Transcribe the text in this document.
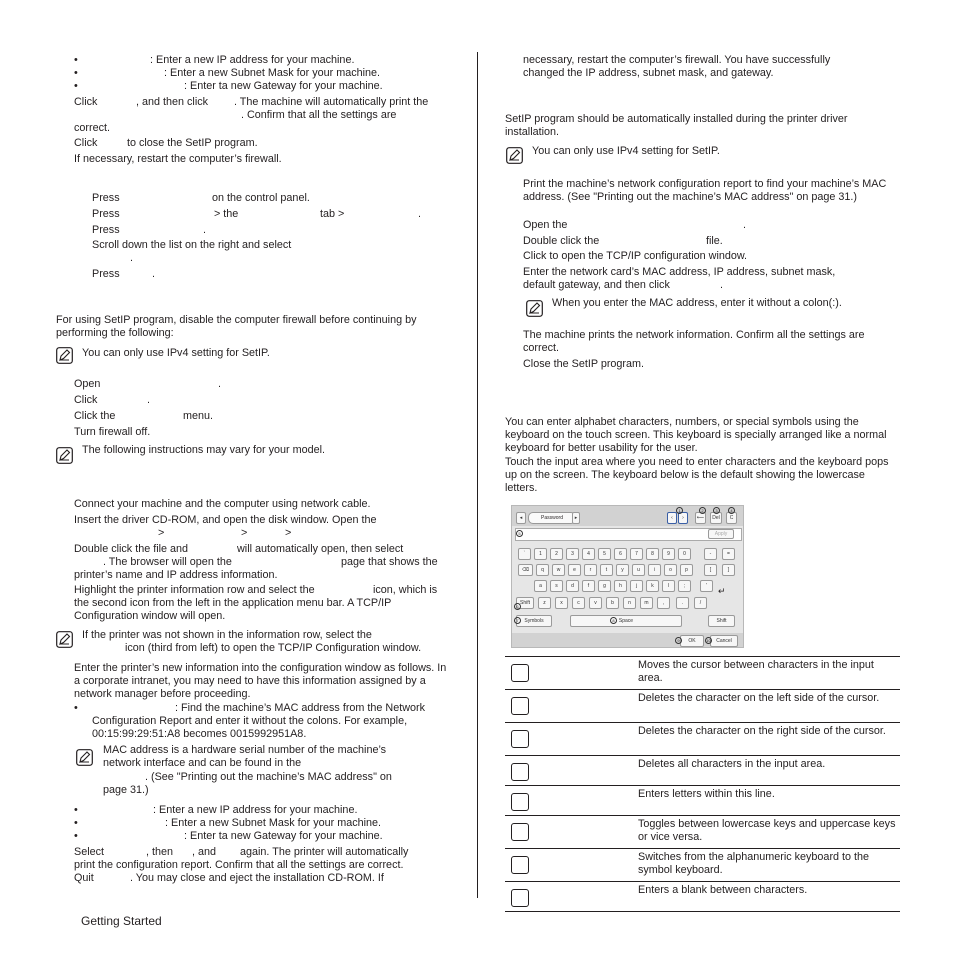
•	: Enter a new IP address for your machine.
•	: Enter a new Subnet Mask for your machine.
•	: Enter ta new Gateway for your machine.
Click	, and then click . The machine will automatically print the
. Confirm that all the settings are
correct.
Click	to close the SetIP program.
If necessary, restart the computer’s firewall.
Press	on the control panel.
Press	> the	tab >	.
Press	.
Scroll down the list on the right and select
.
Press	.
For using SetIP program, disable the computer firewall before continuing by performing the following:
You can only use IPv4 setting for SetIP.
Open	.
Click	.
Click the	menu.
Turn firewall off.
The following instructions may vary for your model.
Connect your machine and the computer using network cable.
Insert the driver CD-ROM, and open the disk window. Open the
>	>	>
Double click the file and	will automatically open, then select
. The browser will open the	page that shows the
printer’s name and IP address information.
Highlight the printer information row and select the	icon, which is
the second icon from the left in the application menu bar. A TCP/IP
Configuration window will open.
If the printer was not shown in the information row, select the
icon (third from left) to open the TCP/IP Configuration window.
Enter the printer’s new information into the configuration window as follows. In a corporate intranet, you may need to have this information assigned by a network manager before proceeding.
•	: Find the machine’s MAC address from the Network
Configuration Report and enter it without the colons. For example,
00:15:99:29:51:A8 becomes 0015992951A8.
MAC address is a hardware serial number of the machine’s
network interface and can be found in the
. (See "Printing out the machine’s MAC address" on
page 31.)
•	: Enter a new IP address for your machine.
•	: Enter a new Subnet Mask for your machine.
•	: Enter ta new Gateway for your machine.
Select	, then , and again. The printer will automatically
print the configuration report. Confirm that all the settings are correct.
Quit	. You may close and eject the installation CD-ROM. If
necessary, restart the computer’s firewall. You have successfully
changed the IP address, subnet mask, and gateway.
SetIP program should be automatically installed during the printer driver installation.
You can only use IPv4 setting for SetIP.
Print the machine’s network configuration report to find your machine’s MAC address. (See "Printing out the machine’s MAC address" on page 31.)
Open the	.
Double click the	file.
Click to open the TCP/IP configuration window.
Enter the network card’s MAC address, IP address, subnet mask,
default gateway, and then click	.
When you enter the MAC address, enter it without a colon(:).
The machine prints the network information. Confirm all the settings are correct.
Close the SetIP program.
You can enter alphabet characters, numbers, or special symbols using the keyboard on the touch screen. This keyboard is specially arranged like a normal keyboard for better usability for the user.
Touch the input area where you need to enter characters and the keyboard pops up on the screen. The keyboard below is the default showing the lowercase letters.
◂	Password	▸	‹	›	⟵	Del	C
1	2	3	4
5	Apply
`	1	2	3	4	5	6	7	8	9	0	-	=
⌫	q	w	e	r	t	y	u	i	o	p	[	]
a	s	d	f	g	h	j	k	l	;	'	↵
Shift
6
z	x	c	v	b	n	m	,	.	/
Symbols
7	Space
8	Shift
OK
9	Cancel
10
	Moves the cursor between characters in the input area.
	Deletes the character on the left side of the cursor.
	Deletes the character on the right side of the cursor.
	Deletes all characters in the input area.
	Enters letters within this line.
	Toggles between lowercase keys and uppercase keys or vice versa.
	Switches from the alphanumeric keyboard to the symbol keyboard.
	Enters a blank between characters.
Getting Started
